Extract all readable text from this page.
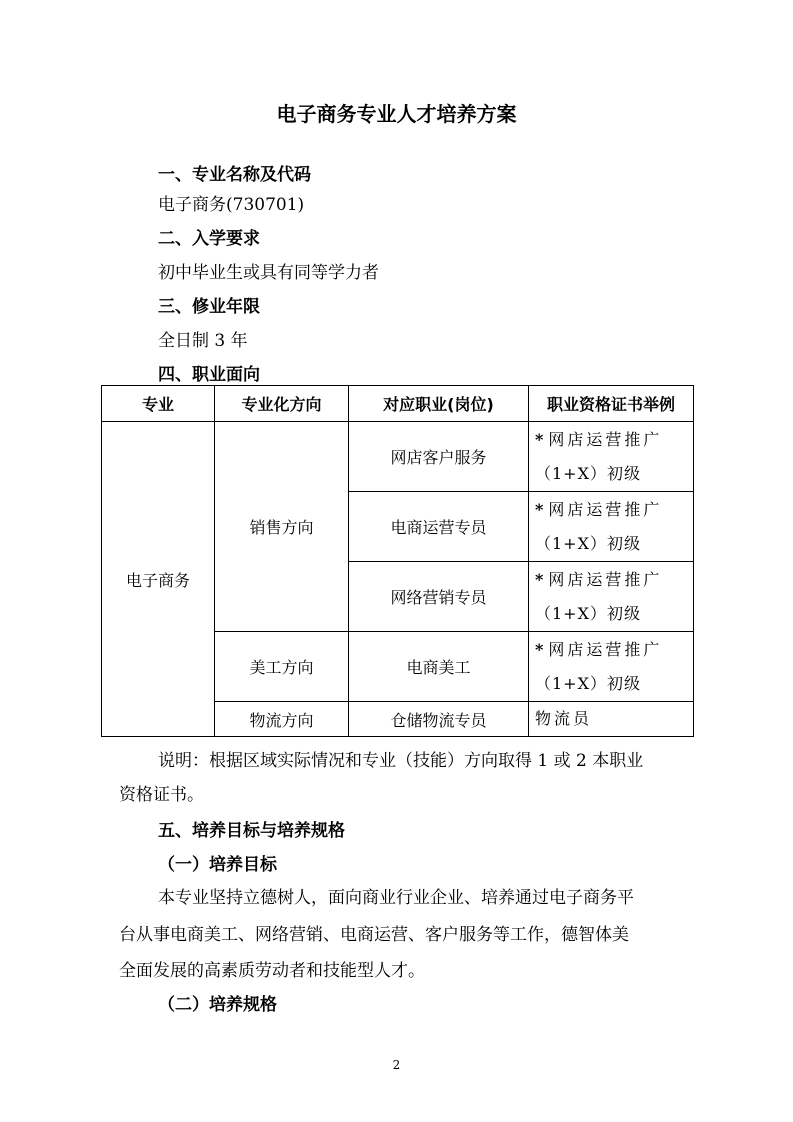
电子商务专业人才培养方案
一、专业名称及代码
电子商务(730701)
二、入学要求
初中毕业生或具有同等学力者
三、修业年限
全日制 3 年
四、职业面向
专业	专业化方向	对应职业(岗位)	职业资格证书举例
电子商务	销售方向	网店客户服务	* 网店运营推广
（1+X）初级
		电商运营专员	* 网店运营推广
（1+X）初级
		网络营销专员	* 网店运营推广
（1+X）初级
	美工方向	电商美工	* 网店运营推广
（1+X）初级
	物流方向	仓储物流专员	物流员
说明：根据区域实际情况和专业（技能）方向取得 1 或 2 本职业
资格证书。
五、培养目标与培养规格
（一）培养目标
本专业坚持立德树人，面向商业行业企业、培养通过电子商务平
台从事电商美工、网络营销、电商运营、客户服务等工作，德智体美
全面发展的高素质劳动者和技能型人才。
（二）培养规格
2
